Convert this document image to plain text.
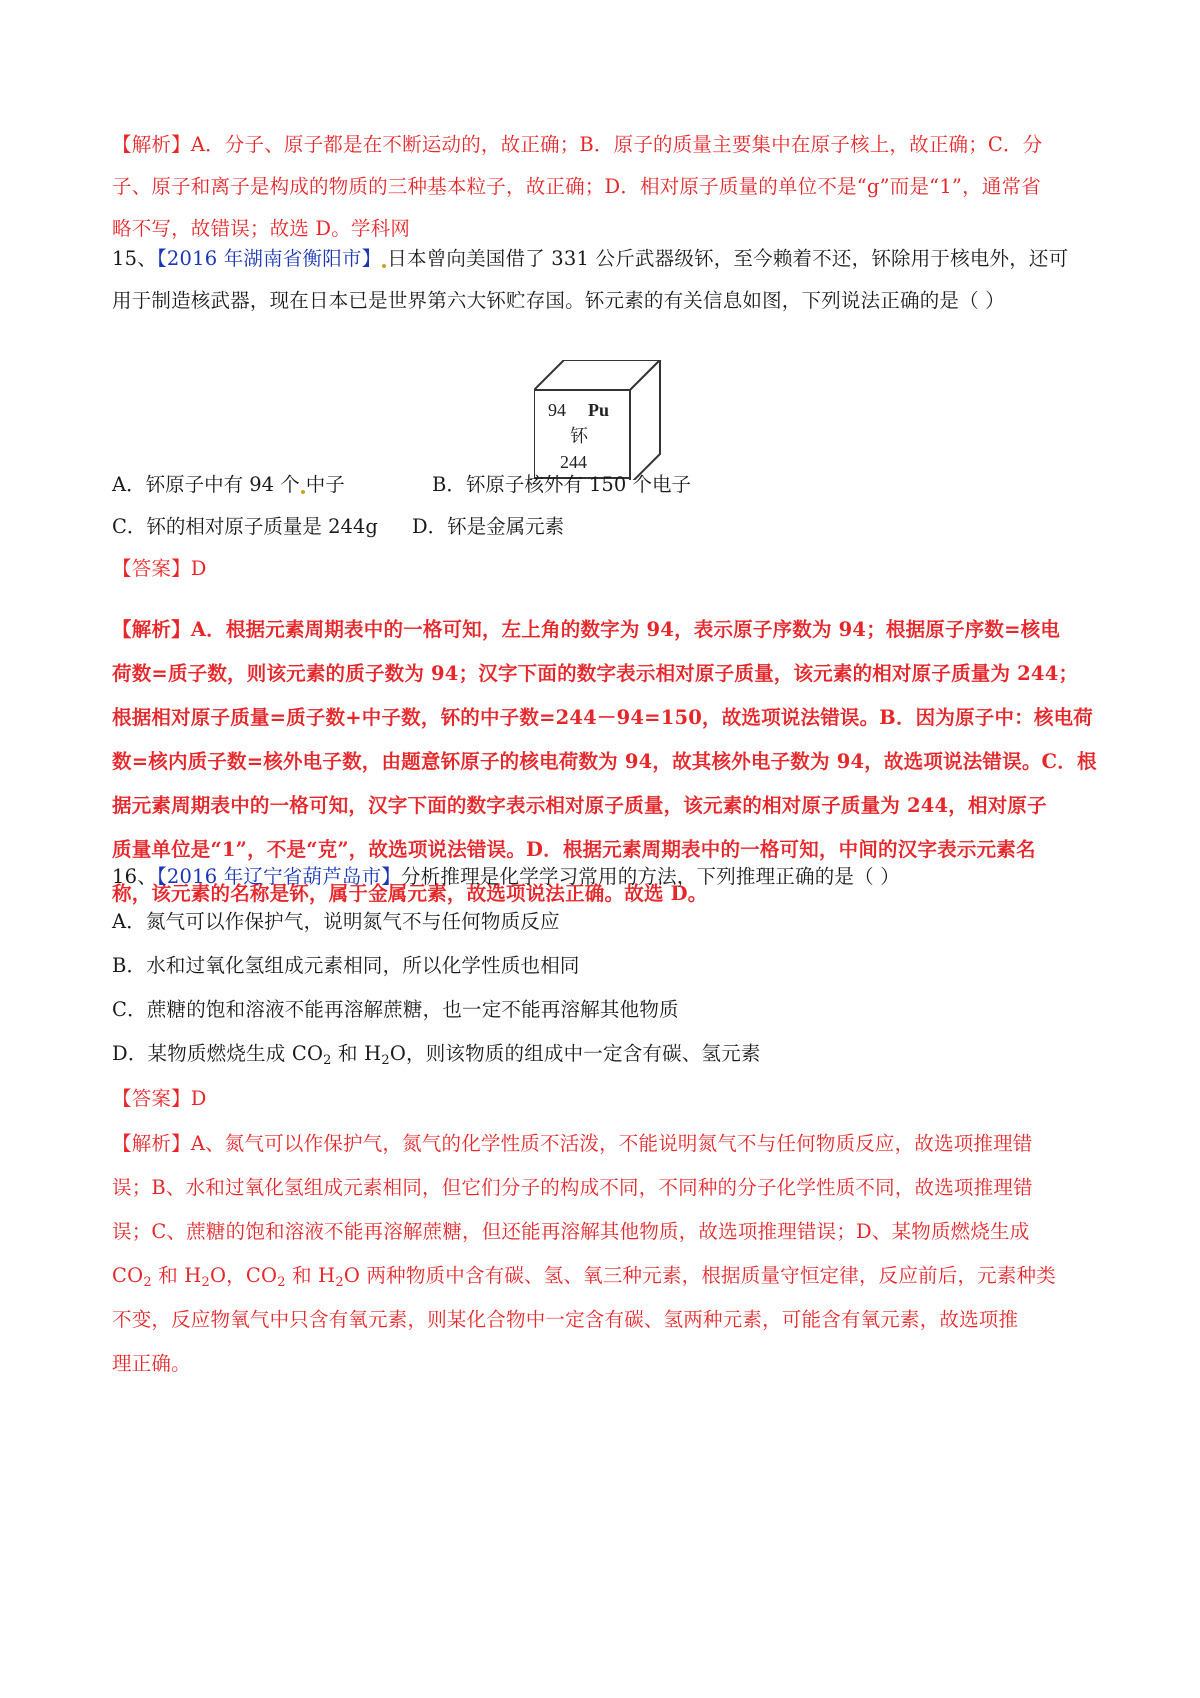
【解析】A．分子、原子都是在不断运动的，故正确；B．原子的质量主要集中在原子核上，故正确；C．分
子、原子和离子是构成的物质的三种基本粒子，故正确；D．相对原子质量的单位不是“g”而是“1”，通常省
略不写，故错误；故选 D。学科网
15、【2016 年湖南省衡阳市】 日本曾向美国借了 331 公斤武器级钚，至今赖着不还，钚除用于核电外，还可
用于制造核武器，现在日本已是世界第六大钚贮存国。钚元素的有关信息如图，下列说法正确的是（ ）
94 Pu
钚
244
A．钚原子中有 94 个 中子	B．钚原子核外有 150 个电子
C．钚的相对原子质量是 244g D．钚是金属元素
【答案】D
【解析】A．根据元素周期表中的一格可知，左上角的数字为 94，表示原子序数为 94；根据原子序数=核电
荷数=质子数，则该元素的质子数为 94；汉字下面的数字表示相对原子质量，该元素的相对原子质量为 244；
根据相对原子质量=质子数+中子数，钚的中子数=244－94=150，故选项说法错误。B．因为原子中：核电荷
数=核内质子数=核外电子数，由题意钚原子的核电荷数为 94，故其核外电子数为 94，故选项说法错误。C．根
据元素周期表中的一格可知，汉字下面的数字表示相对原子质量，该元素的相对原子质量为 244，相对原子
质量单位是“1”，不是“克”，故选项说法错误。D．根据元素周期表中的一格可知，中间的汉字表示元素名
称，该元素的名称是钚，属于金属元素，故选项说法正确。故选 D。
16、【2016 年辽宁省葫芦岛市】分析推理是化学学习常用的方法，下列推理正确的是（ ）
A．氮气可以作保护气，说明氮气不与任何物质反应
B．水和过氧化氢组成元素相同，所以化学性质也相同
C．蔗糖的饱和溶液不能再溶解蔗糖，也一定不能再溶解其他物质
D．某物质燃烧生成 $CO_2$ 和 $H_2O$，则该物质的组成中一定含有碳、氢元素
【答案】D
【解析】A、氮气可以作保护气，氮气的化学性质不活泼，不能说明氮气不与任何物质反应，故选项推理错
误；B、水和过氧化氢组成元素相同，但它们分子的构成不同，不同种的分子化学性质不同，故选项推理错
误；C、蔗糖的饱和溶液不能再溶解蔗糖，但还能再溶解其他物质，故选项推理错误；D、某物质燃烧生成
$CO_2$ 和 $H_2O$，$CO_2$ 和 $H_2O$ 两种物质中含有碳、氢、氧三种元素，根据质量守恒定律，反应前后，元素种类
不变，反应物氧气中只含有氧元素，则某化合物中一定含有碳、氢两种元素，可能含有氧元素，故选项推
理正确。
